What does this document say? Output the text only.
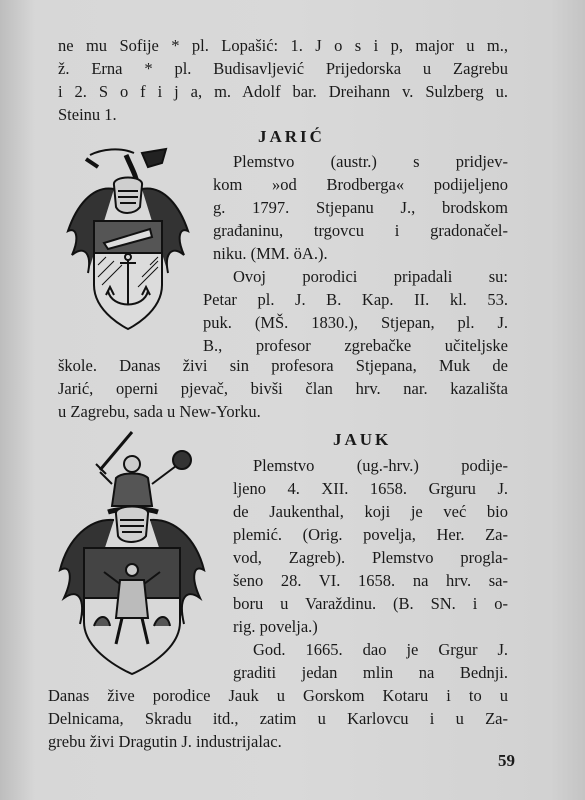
ne mu Sofije * pl. Lopašić: 1. J o s i p, major u m.,
ž. Erna * pl. Budisavljević Prijedorska u Zagrebu
i 2. S o f i j a, m. Adolf bar. Dreihann v. Sulzberg u.
Steinu 1.
JARIĆ
Plemstvo (austr.) s pridjev-
kom »od Brodberga« podijeljeno
g. 1797. Stjepanu J., brodskom
građaninu, trgovcu i gradonačel-
niku. (MM. öA.).
Ovoj porodici pripadali su:
Petar pl. J. B. Kap. II. kl. 53.
puk. (MŠ. 1830.), Stjepan, pl. J.
B., profesor zgrebačke učiteljske
škole. Danas živi sin profesora Stjepana, Muk de
Jarić, operni pjevač, bivši član hrv. nar. kazališta
u Zagrebu, sada u New-Yorku.
JAUK
Plemstvo (ug.-hrv.) podije-
ljeno 4. XII. 1658. Grguru J.
de Jaukenthal, koji je već bio
plemić. (Orig. povelja, Her. Za-
vod, Zagreb). Plemstvo progla-
šeno 28. VI. 1658. na hrv. sa-
boru u Varaždinu. (B. SN. i o-
rig. povelja.)
God. 1665. dao je Grgur J.
graditi jedan mlin na Bednji.
Danas žive porodice Jauk u Gorskom Kotaru i to u
Delnicama, Skradu itd., zatim u Karlovcu i u Za-
grebu živi Dragutin J. industrijalac.
59
